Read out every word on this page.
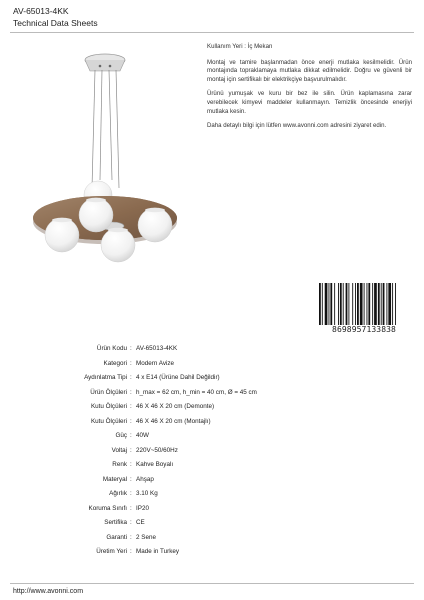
AV-65013-4KK
Technical Data Sheets

Kullanım Yeri : İç Mekan

Montaj ve tamire başlanmadan önce enerji mutlaka kesilmelidir. Ürün montajında topraklamaya mutlaka dikkat edilmelidir. Doğru ve güvenli bir montaj için sertifikalı bir elektrikçiye başvurulmalıdır.

Ürünü yumuşak ve kuru bir bez ile silin. Ürün kaplamasına zarar verebilecek kimyevi maddeler kullanmayın. Temizlik öncesinde enerjiyi mutlaka kesin.

Daha detaylı bilgi için lütfen www.avonni.com adresini ziyaret edin.

8698957133838
Ürün Kodu : AV-65013-4KK
Kategori : Modern Avize
Aydınlatma Tipi : 4 x E14 (Ürüne Dahil Değildir)
Ürün Ölçüleri : h_max = 62 cm, h_min = 40 cm, Ø = 45 cm
Kutu Ölçüleri : 46 X 46 X 20 cm (Demonte)
Kutu Ölçüleri : 46 X 46 X 20 cm (Montajlı)
Güç : 40W
Voltaj : 220V~50/60Hz
Renk : Kahve Boyalı
Materyal : Ahşap
Ağırlık : 3.10 Kg
Koruma Sınıfı : IP20
Sertifika : CE
Garanti : 2 Sene
Üretim Yeri : Made in Turkey
http://www.avonni.com
